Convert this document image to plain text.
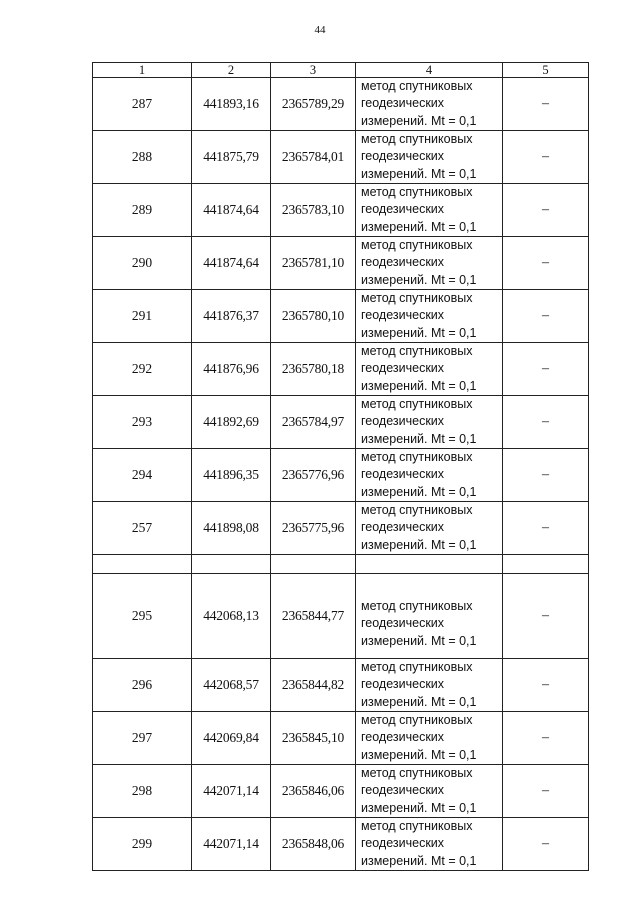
44
1	2	3	4	5
287	441893,16	2365789,29	метод спутниковых
геодезических
измерений. Mt = 0,1	–
288	441875,79	2365784,01	метод спутниковых
геодезических
измерений. Mt = 0,1	–
289	441874,64	2365783,10	метод спутниковых
геодезических
измерений. Mt = 0,1	–
290	441874,64	2365781,10	метод спутниковых
геодезических
измерений. Mt = 0,1	–
291	441876,37	2365780,10	метод спутниковых
геодезических
измерений. Mt = 0,1	–
292	441876,96	2365780,18	метод спутниковых
геодезических
измерений. Mt = 0,1	–
293	441892,69	2365784,97	метод спутниковых
геодезических
измерений. Mt = 0,1	–
294	441896,35	2365776,96	метод спутниковых
геодезических
измерений. Mt = 0,1	–
257	441898,08	2365775,96	метод спутниковых
геодезических
измерений. Mt = 0,1	–

295	442068,13	2365844,77	метод спутниковых
геодезических
измерений. Mt = 0,1	–
296	442068,57	2365844,82	метод спутниковых
геодезических
измерений. Mt = 0,1	–
297	442069,84	2365845,10	метод спутниковых
геодезических
измерений. Mt = 0,1	–
298	442071,14	2365846,06	метод спутниковых
геодезических
измерений. Mt = 0,1	–
299	442071,14	2365848,06	метод спутниковых
геодезических
измерений. Mt = 0,1	–
